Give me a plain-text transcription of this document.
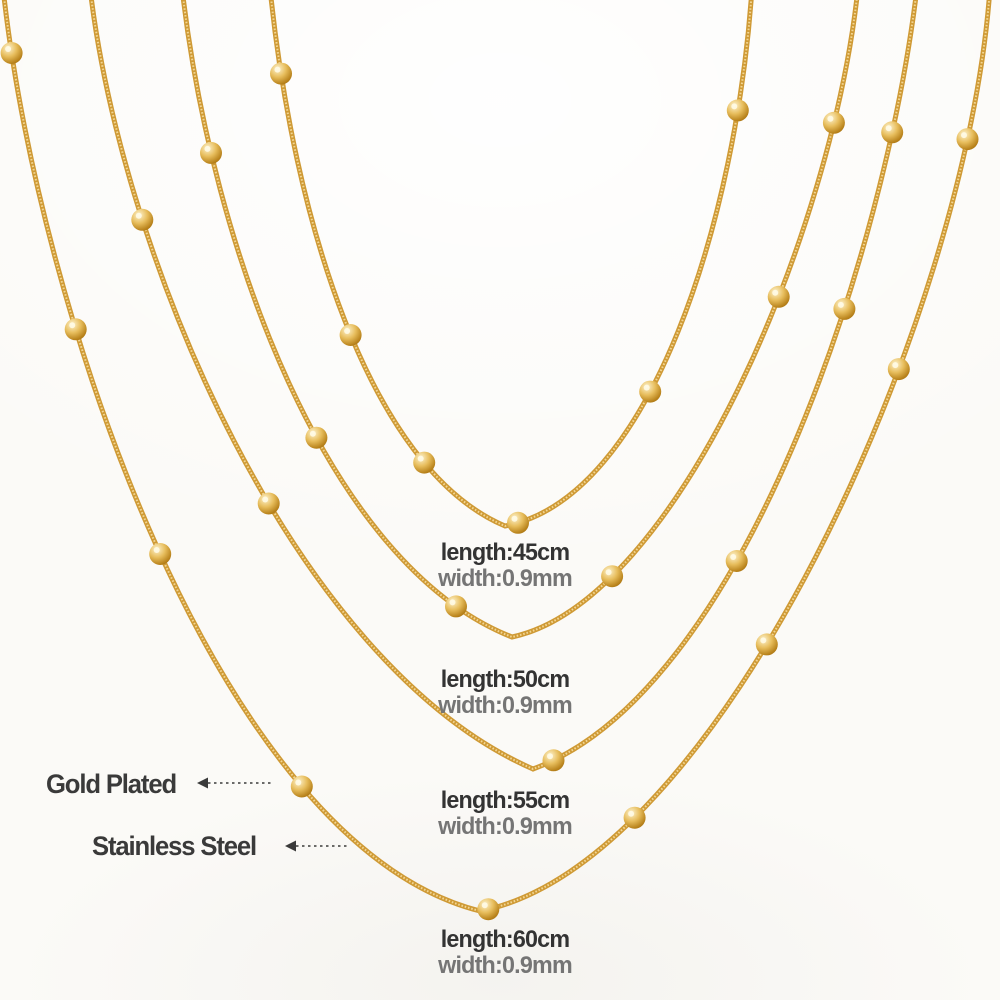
length:45cm
width:0.9mm
length:50cm
width:0.9mm
length:55cm
width:0.9mm
length:60cm
width:0.9mm
Gold Plated
Stainless Steel
